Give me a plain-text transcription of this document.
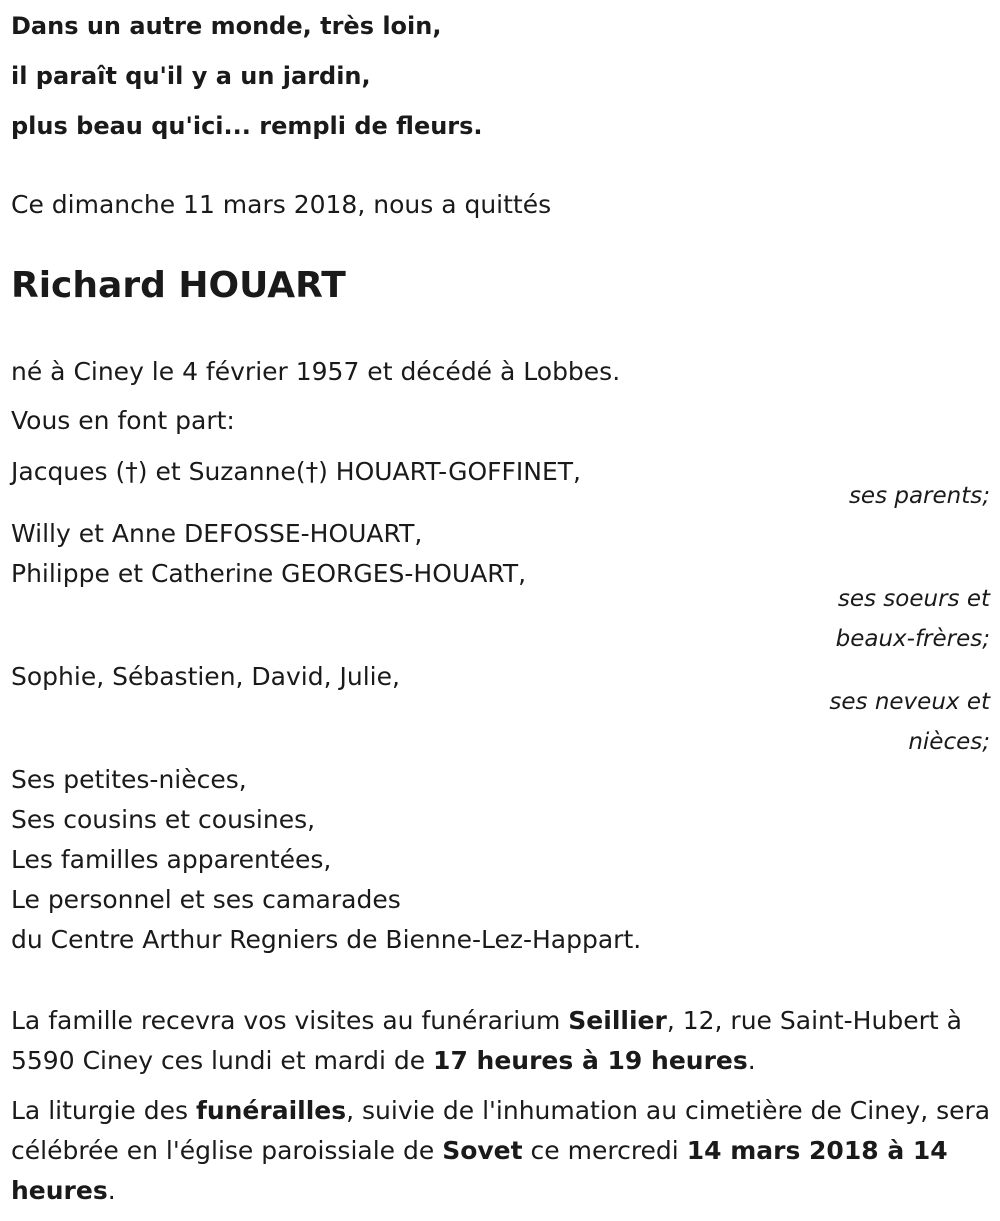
Dans un autre monde, très loin,
il paraît qu'il y a un jardin,
plus beau qu'ici... rempli de fleurs.
Ce dimanche 11 mars 2018, nous a quittés
Richard HOUART
né à Ciney le 4 février 1957 et décédé à Lobbes.
Vous en font part:
Jacques (†) et Suzanne(†) HOUART-GOFFINET,
ses parents;
Willy et Anne DEFOSSE-HOUART,
Philippe et Catherine GEORGES-HOUART,
ses soeurs et
beaux-frères;
Sophie, Sébastien, David, Julie,
ses neveux et
nièces;
Ses petites-nièces,
Ses cousins et cousines,
Les familles apparentées,
Le personnel et ses camarades
du Centre Arthur Regniers de Bienne-Lez-Happart.
La famille recevra vos visites au funérarium Seillier, 12, rue Saint-Hubert à 5590 Ciney ces lundi et mardi de 17 heures à 19 heures.
La liturgie des funérailles, suivie de l'inhumation au cimetière de Ciney, sera célébrée en l'église paroissiale de Sovet ce mercredi 14 mars 2018 à 14 heures.
